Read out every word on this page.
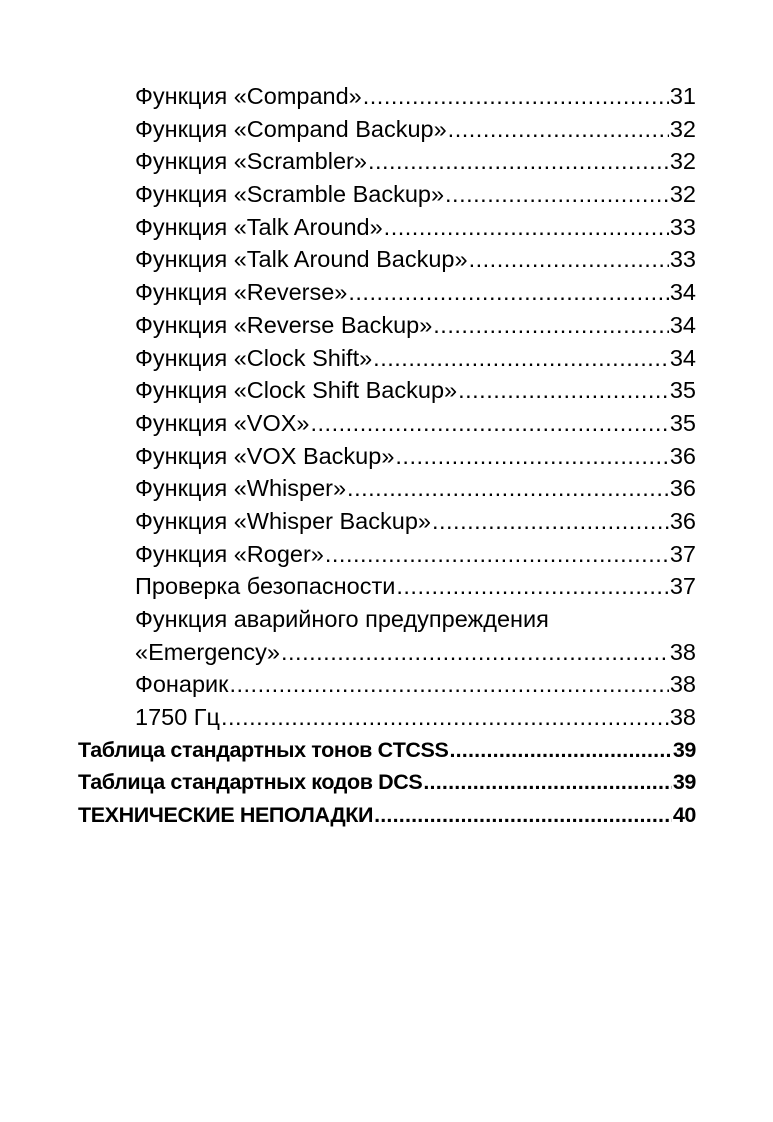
Функция «Compand» .....	31
Функция «Compand Backup» .....	32
Функция «Scrambler» .....	32
Функция «Scramble Backup» .....	32
Функция «Talk Around» .....	33
Функция «Talk Around Backup» .....	33
Функция «Reverse» .....	34
Функция «Reverse Backup» .....	34
Функция «Clock Shift» .....	34
Функция «Clock Shift Backup» .....	35
Функция «VOX» .....	35
Функция «VOX Backup» .....	36
Функция «Whisper» .....	36
Функция «Whisper Backup» .....	36
Функция «Roger» .....	37
Проверка безопасности .....	37
Функция аварийного предупреждения
«Emergency» .....	38
Фонарик .....	38
1750 Гц .....	38
Таблица стандартных тонов CTCSS .....	39
Таблица стандартных кодов DCS .....	39
ТЕХНИЧЕСКИЕ НЕПОЛАДКИ .....	40
